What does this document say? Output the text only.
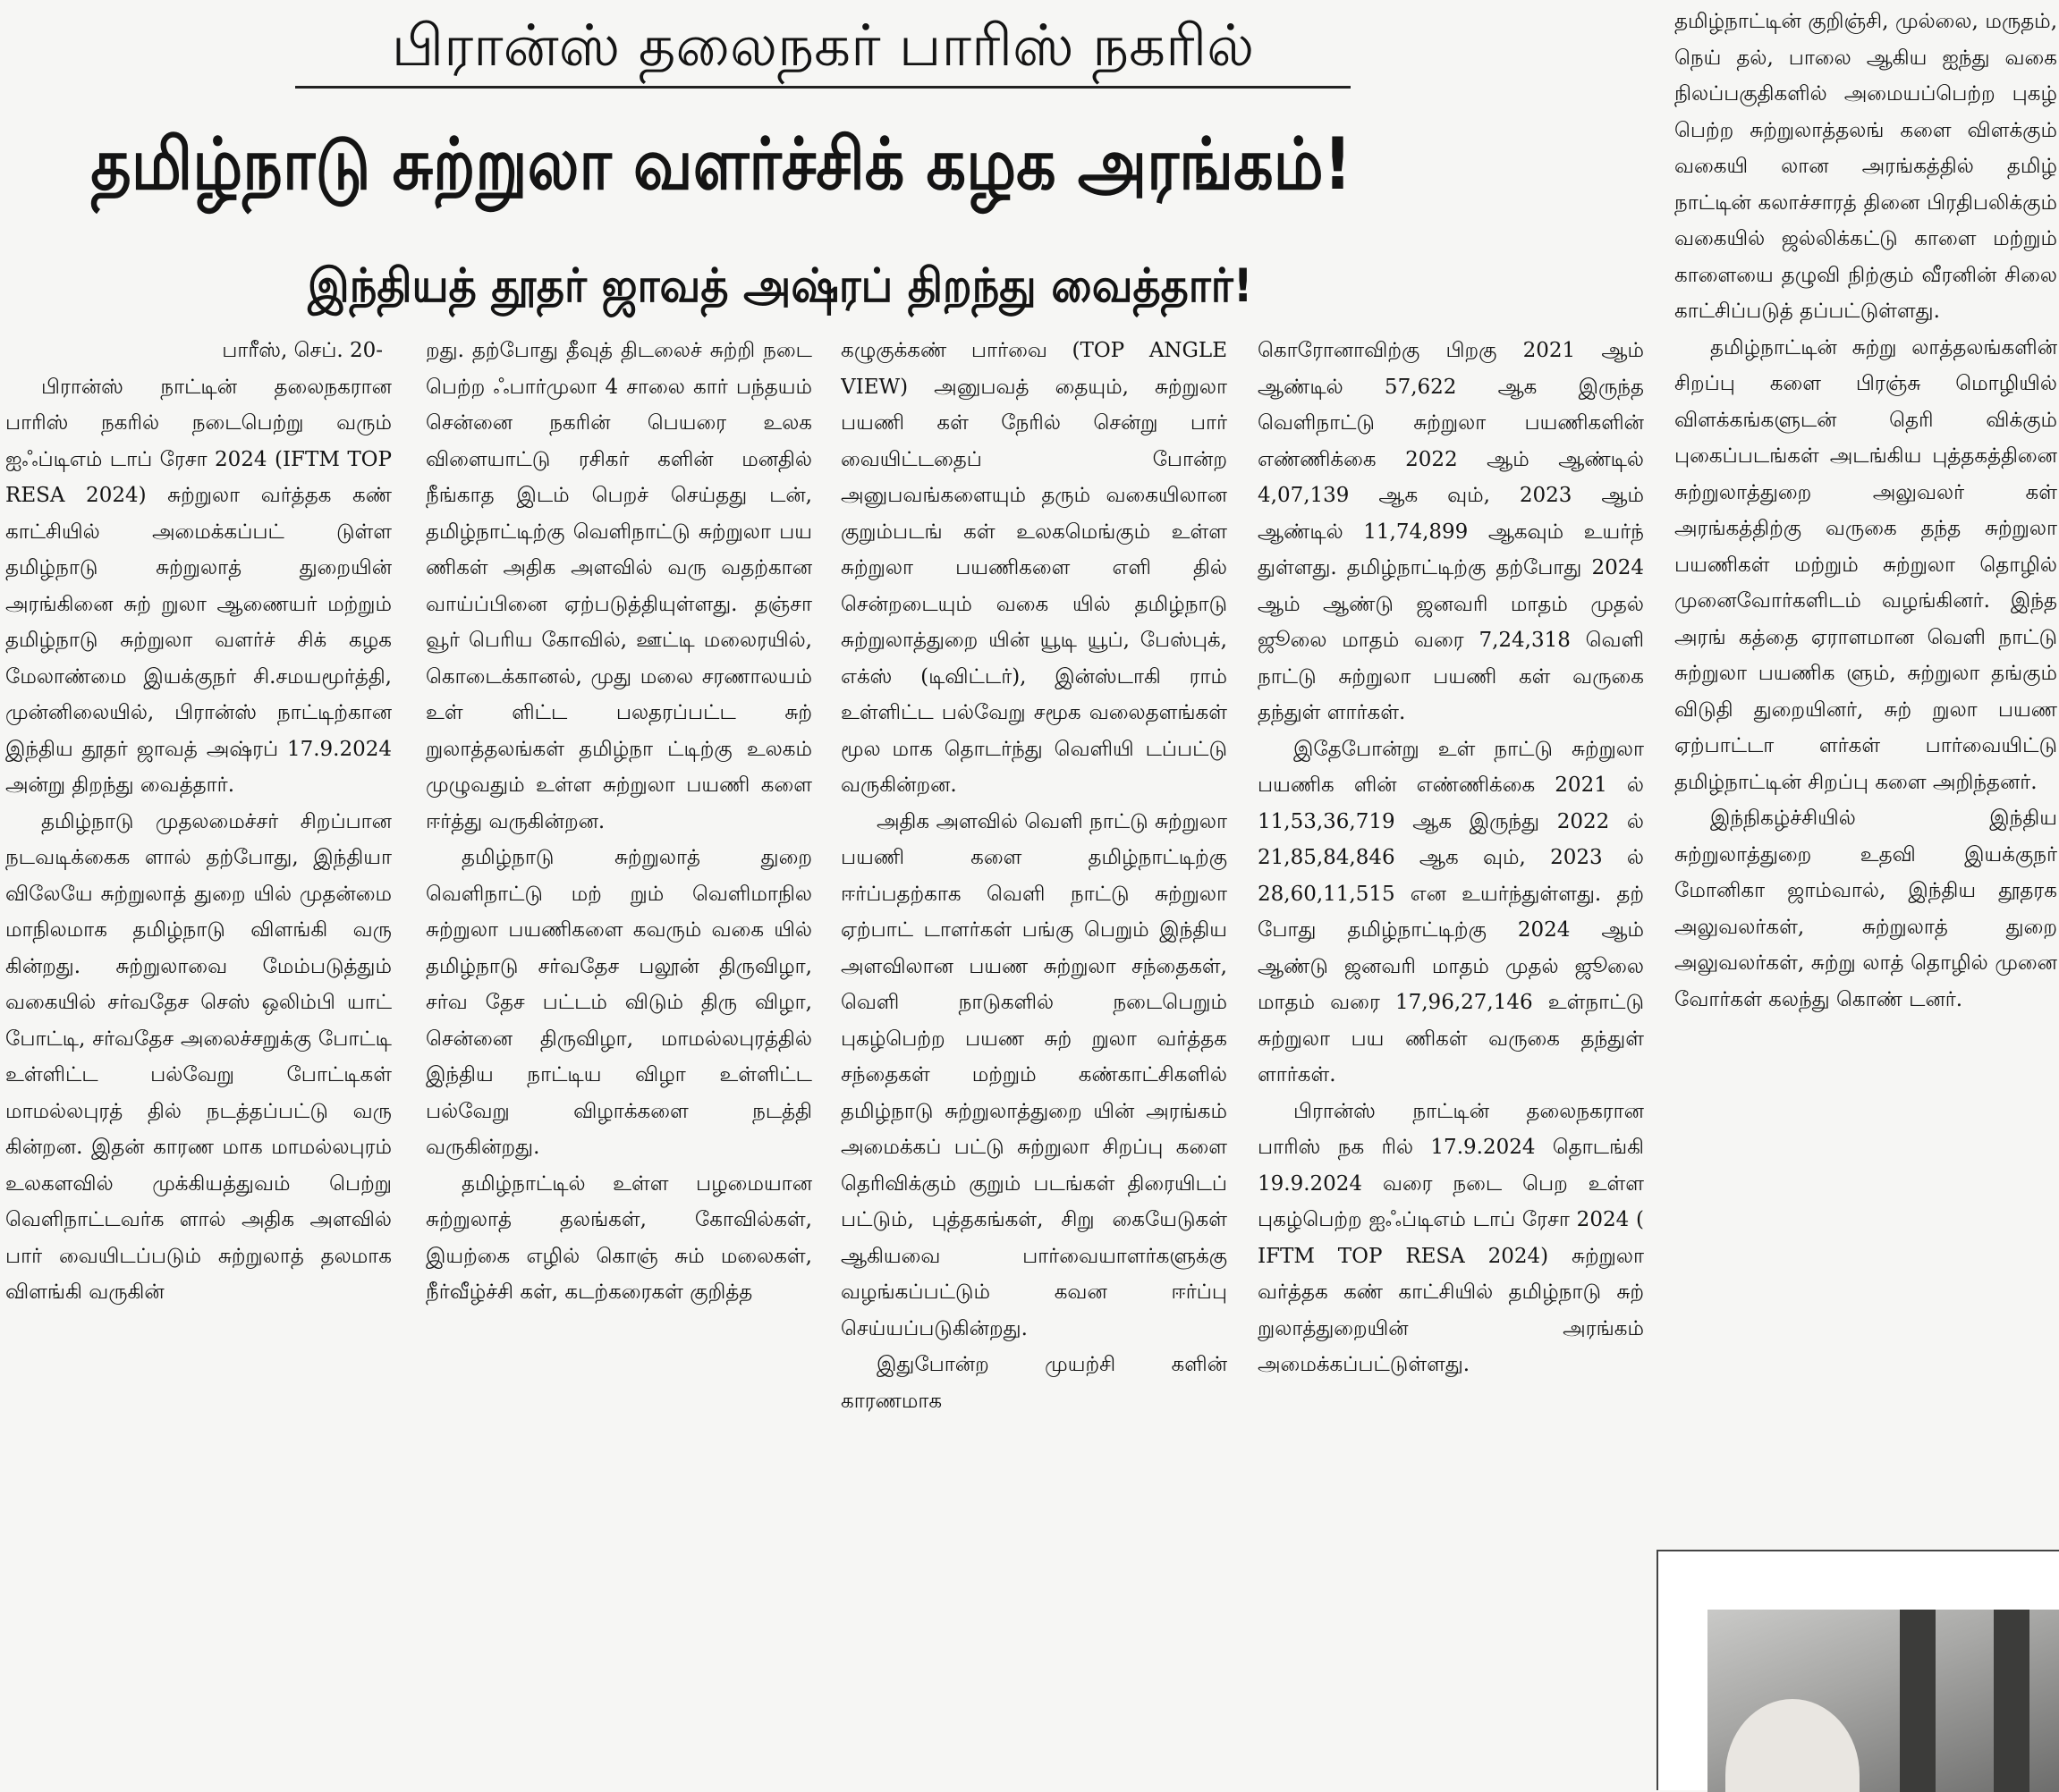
பிரான்ஸ் தலைநகர் பாரிஸ் நகரில்
தமிழ்நாடு சுற்றுலா வளர்ச்சிக் கழக அரங்கம்!
இந்தியத் தூதர் ஜாவத் அஷ்ரப் திறந்து வைத்தார்!

பாரீஸ், செப். 20-

பிரான்ஸ் நாட்டின் தலைநகரான பாரிஸ் நகரில் நடைபெற்று வரும் ஐஃப்டிஎம் டாப் ரேசா 2024 (IFTM TOP RESA 2024) சுற்றுலா வர்த்தக கண் காட்சியில் அமைக்கப்பட் டுள்ள தமிழ்நாடு சுற்றுலாத் துறையின் அரங்கினை சுற் றுலா ஆணையர் மற்றும் தமிழ்நாடு சுற்றுலா வளர்ச் சிக் கழக மேலாண்மை இயக்குநர் சி.சமயமூர்த்தி, முன்னிலையில், பிரான்ஸ் நாட்டிற்கான இந்திய தூதர் ஜாவத் அஷ்ரப் 17.9.2024 அன்று திறந்து வைத்தார்.

தமிழ்நாடு முதலமைச்சர் சிறப்பான நடவடிக்கைக ளால் தற்போது, இந்தியா விலேயே சுற்றுலாத் துறை யில் முதன்மை மாநிலமாக தமிழ்நாடு விளங்கி வரு கின்றது. சுற்றுலாவை மேம்படுத்தும் வகையில் சர்வதேச செஸ் ஒலிம்பி யாட் போட்டி, சர்வதேச அலைச்சறுக்கு போட்டி உள்ளிட்ட பல்வேறு போட்டிகள் மாமல்லபுரத் தில் நடத்தப்பட்டு வரு கின்றன. இதன் காரண மாக மாமல்லபுரம் உலகளவில் முக்கியத்துவம் பெற்று வெளிநாட்டவர்க ளால் அதிக அளவில் பார் வையிடப்படும் சுற்றுலாத் தலமாக விளங்கி வருகின்

றது. தற்போது தீவுத் திடலைச் சுற்றி நடை பெற்ற ஃபார்முலா 4 சாலை கார் பந்தயம் சென்னை நகரின் பெயரை உலக விளையாட்டு ரசிகர் களின் மனதில் நீங்காத இடம் பெறச் செய்தது டன், தமிழ்நாட்டிற்கு வெளிநாட்டு சுற்றுலா பய ணிகள் அதிக அளவில் வரு வதற்கான வாய்ப்பினை ஏற்படுத்தியுள்ளது. தஞ்சா வூர் பெரிய கோவில், ஊட்டி மலைரயில், கொடைக்கானல், முது மலை சரணாலயம் உள் ளிட்ட பலதரப்பட்ட சுற் றுலாத்தலங்கள் தமிழ்நா ட்டிற்கு உலகம் முழுவதும் உள்ள சுற்றுலா பயணி களை ஈர்த்து வருகின்றன.

தமிழ்நாடு சுற்றுலாத் துறை வெளிநாட்டு மற் றும் வெளிமாநில சுற்றுலா பயணிகளை கவரும் வகை யில் தமிழ்நாடு சர்வதேச பலூன் திருவிழா, சர்வ தேச பட்டம் விடும் திரு விழா, சென்னை திருவிழா, மாமல்லபுரத்தில் இந்திய நாட்டிய விழா உள்ளிட்ட பல்வேறு விழாக்களை நடத்தி வருகின்றது.

தமிழ்நாட்டில் உள்ள பழமையான சுற்றுலாத் தலங்கள், கோவில்கள், இயற்கை எழில் கொஞ் சும் மலைகள், நீர்வீழ்ச்சி கள், கடற்கரைகள் குறித்த

கழுகுக்கண் பார்வை (TOP ANGLE VIEW) அனுபவத் தையும், சுற்றுலா பயணி கள் நேரில் சென்று பார் வையிட்டதைப் போன்ற அனுபவங்களையும் தரும் வகையிலான குறும்படங் கள் உலகமெங்கும் உள்ள சுற்றுலா பயணிகளை எளி தில் சென்றடையும் வகை யில் தமிழ்நாடு சுற்றுலாத்துறை யின் யூடி யூப், பேஸ்புக், எக்ஸ் (டிவிட்டர்), இன்ஸ்டாகி ராம் உள்ளிட்ட பல்வேறு சமூக வலைதளங்கள் மூல மாக தொடர்ந்து வெளியி டப்பட்டு வருகின்றன.

அதிக அளவில் வெளி நாட்டு சுற்றுலா பயணி களை தமிழ்நாட்டிற்கு ஈர்ப்பதற்காக வெளி நாட்டு சுற்றுலா ஏற்பாட் டாளர்கள் பங்கு பெறும் இந்திய அளவிலான பயண சுற்றுலா சந்தைகள், வெளி நாடுகளில் நடைபெறும் புகழ்பெற்ற பயண சுற் றுலா வர்த்தக சந்தைகள் மற்றும் கண்காட்சிகளில் தமிழ்நாடு சுற்றுலாத்துறை யின் அரங்கம் அமைக்கப் பட்டு சுற்றுலா சிறப்பு களை தெரிவிக்கும் குறும் படங்கள் திரையிடப் பட்டும், புத்தகங்கள், சிறு கையேடுகள் ஆகியவை பார்வையாளர்களுக்கு வழங்கப்பட்டும் கவன ஈர்ப்பு செய்யப்படுகின்றது.

இதுபோன்ற முயற்சி களின் காரணமாக

கொரோனாவிற்கு பிறகு 2021 ஆம் ஆண்டில் 57,622 ஆக இருந்த வெளிநாட்டு சுற்றுலா பயணிகளின் எண்ணிக்கை 2022 ஆம் ஆண்டில் 4,07,139 ஆக வும், 2023 ஆம் ஆண்டில் 11,74,899 ஆகவும் உயர்ந் துள்ளது. தமிழ்நாட்டிற்கு தற்போது 2024 ஆம் ஆண்டு ஜனவரி மாதம் முதல் ஜூலை மாதம் வரை 7,24,318 வெளி நாட்டு சுற்றுலா பயணி கள் வருகை தந்துள் ளார்கள்.

இதேபோன்று உள் நாட்டு சுற்றுலா பயணிக ளின் எண்ணிக்கை 2021 ல் 11,53,36,719 ஆக இருந்து 2022 ல் 21,85,84,846 ஆக வும், 2023 ல் 28,60,11,515 என உயர்ந்துள்ளது. தற் போது தமிழ்நாட்டிற்கு 2024 ஆம் ஆண்டு ஜனவரி மாதம் முதல் ஜூலை மாதம் வரை 17,96,27,146 உள்நாட்டு சுற்றுலா பய ணிகள் வருகை தந்துள் ளார்கள்.

பிரான்ஸ் நாட்டின் தலைநகரான பாரிஸ் நக ரில் 17.9.2024 தொடங்கி 19.9.2024 வரை நடை பெற உள்ள புகழ்பெற்ற ஐஃப்டிஎம் டாப் ரேசா 2024 ( IFTM TOP RESA 2024) சுற்றுலா வர்த்தக கண் காட்சியில் தமிழ்நாடு சுற் றுலாத்துறையின் அரங்கம் அமைக்கப்பட்டுள்ளது.

தமிழ்நாட்டின் குறிஞ்சி, முல்லை, மருதம், நெய் தல், பாலை ஆகிய ஐந்து வகை நிலப்பகுதிகளில் அமையப்பெற்ற புகழ் பெற்ற சுற்றுலாத்தலங் களை விளக்கும் வகையி லான அரங்கத்தில் தமிழ் நாட்டின் கலாச்சாரத் தினை பிரதிபலிக்கும் வகையில் ஜல்லிக்கட்டு காளை மற்றும் காளையை தழுவி நிற்கும் வீரனின் சிலை காட்சிப்படுத் தப்பட்டுள்ளது.

தமிழ்நாட்டின் சுற்று லாத்தலங்களின் சிறப்பு களை பிரஞ்சு மொழியில் விளக்கங்களுடன் தெரி விக்கும் புகைப்படங்கள் அடங்கிய புத்தகத்தினை சுற்றுலாத்துறை அலுவலர் கள் அரங்கத்திற்கு வருகை தந்த சுற்றுலா பயணிகள் மற்றும் சுற்றுலா தொழில் முனைவோர்களிடம் வழங்கினர். இந்த அரங் கத்தை ஏராளமான வெளி நாட்டு சுற்றுலா பயணிக ளும், சுற்றுலா தங்கும் விடுதி துறையினர், சுற் றுலா பயண ஏற்பாட்டா ளர்கள் பார்வையிட்டு தமிழ்நாட்டின் சிறப்பு களை அறிந்தனர்.

இந்நிகழ்ச்சியில் இந்திய சுற்றுலாத்துறை உதவி இயக்குநர் மோனிகா ஜாம்வால், இந்திய தூதரக அலுவலர்கள், சுற்றுலாத் துறை அலுவலர்கள், சுற்று லாத் தொழில் முனை வோர்கள் கலந்து கொண் டனர்.
